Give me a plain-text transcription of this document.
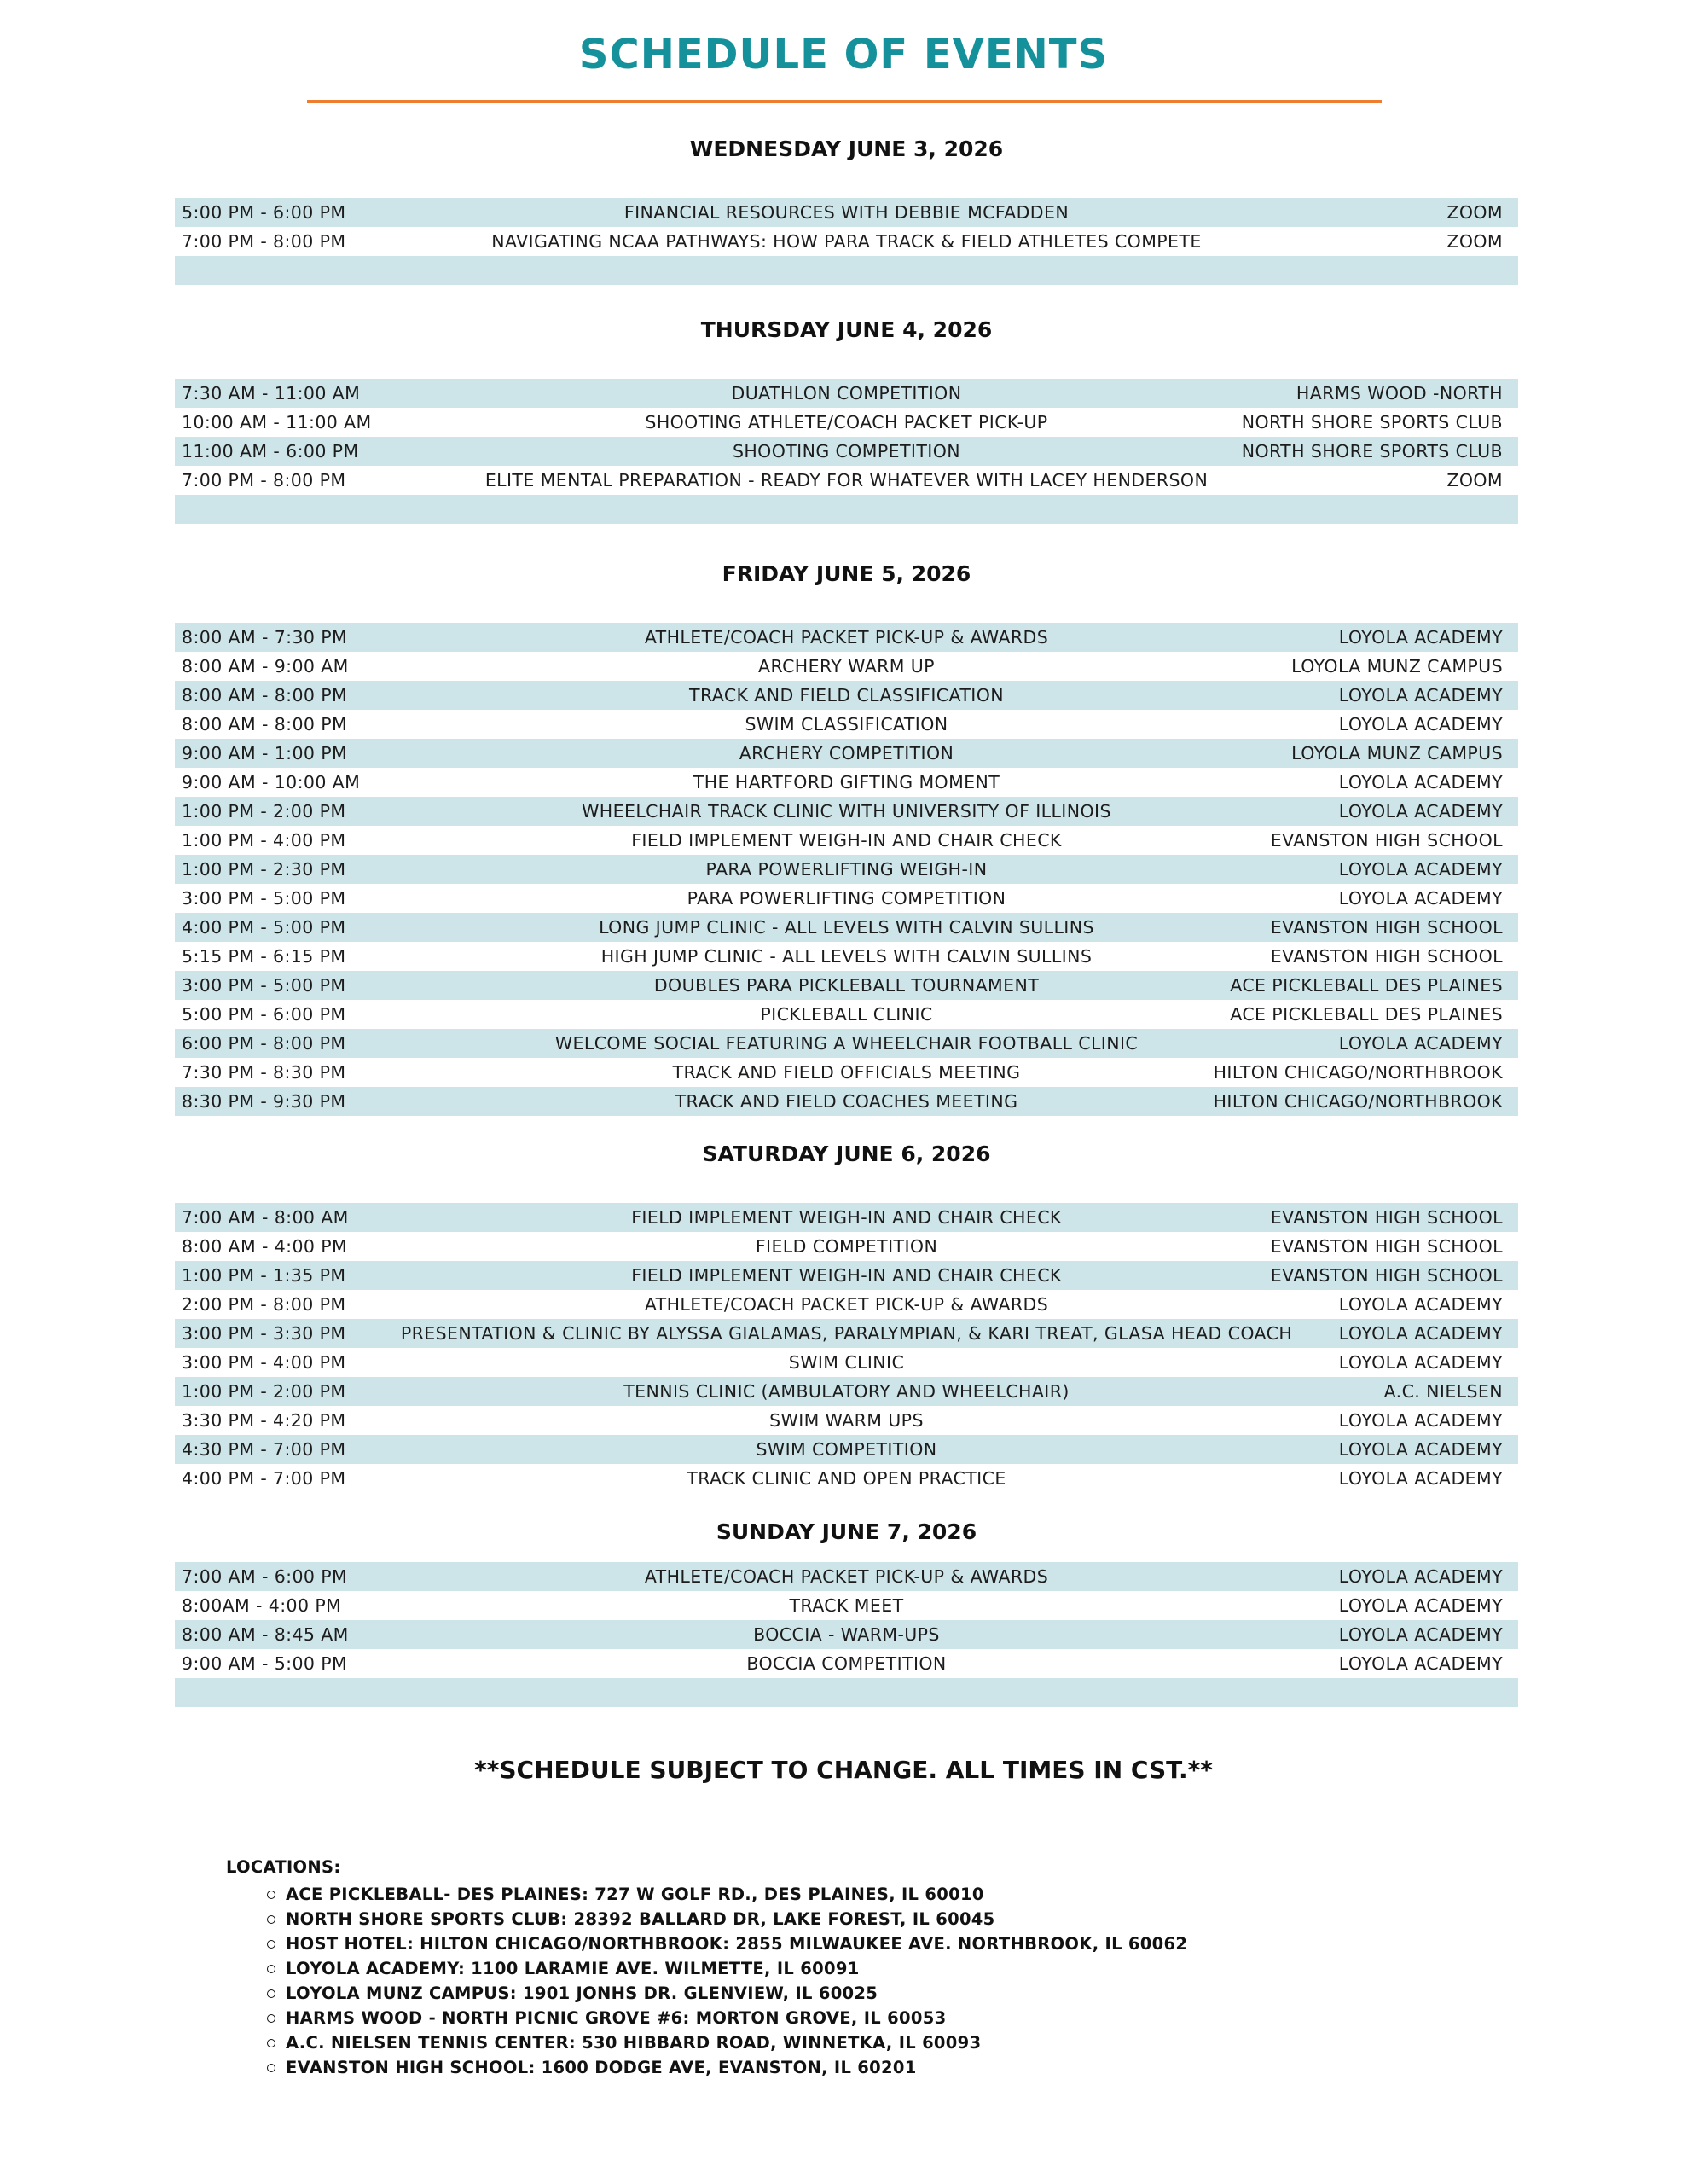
SCHEDULE OF EVENTS
WEDNESDAY JUNE 3, 2026
5:00 PM - 6:00 PM	FINANCIAL RESOURCES WITH DEBBIE MCFADDEN	ZOOM
7:00 PM - 8:00 PM	NAVIGATING NCAA PATHWAYS: HOW PARA TRACK & FIELD ATHLETES COMPETE	ZOOM
THURSDAY JUNE 4, 2026
7:30 AM - 11:00 AM	DUATHLON COMPETITION	HARMS WOOD -NORTH
10:00 AM - 11:00 AM	SHOOTING ATHLETE/COACH PACKET PICK-UP	NORTH SHORE SPORTS CLUB
11:00 AM - 6:00 PM	SHOOTING COMPETITION	NORTH SHORE SPORTS CLUB
7:00 PM - 8:00 PM	ELITE MENTAL PREPARATION - READY FOR WHATEVER WITH LACEY HENDERSON	ZOOM
FRIDAY JUNE 5, 2026
8:00 AM - 7:30 PM	ATHLETE/COACH PACKET PICK-UP & AWARDS	LOYOLA ACADEMY
8:00 AM - 9:00 AM	ARCHERY WARM UP	LOYOLA MUNZ CAMPUS
8:00 AM - 8:00 PM	TRACK AND FIELD CLASSIFICATION	LOYOLA ACADEMY
8:00 AM - 8:00 PM	SWIM CLASSIFICATION	LOYOLA ACADEMY
9:00 AM - 1:00 PM	ARCHERY COMPETITION	LOYOLA MUNZ CAMPUS
9:00 AM - 10:00 AM	THE HARTFORD GIFTING MOMENT	LOYOLA ACADEMY
1:00 PM - 2:00 PM	WHEELCHAIR TRACK CLINIC WITH UNIVERSITY OF ILLINOIS	LOYOLA ACADEMY
1:00 PM - 4:00 PM	FIELD IMPLEMENT WEIGH-IN AND CHAIR CHECK	EVANSTON HIGH SCHOOL
1:00 PM - 2:30 PM	PARA POWERLIFTING WEIGH-IN	LOYOLA ACADEMY
3:00 PM - 5:00 PM	PARA POWERLIFTING COMPETITION	LOYOLA ACADEMY
4:00 PM - 5:00 PM	LONG JUMP CLINIC - ALL LEVELS WITH CALVIN SULLINS	EVANSTON HIGH SCHOOL
5:15 PM - 6:15 PM	HIGH JUMP CLINIC - ALL LEVELS WITH CALVIN SULLINS	EVANSTON HIGH SCHOOL
3:00 PM - 5:00 PM	DOUBLES PARA PICKLEBALL TOURNAMENT	ACE PICKLEBALL DES PLAINES
5:00 PM - 6:00 PM	PICKLEBALL CLINIC	ACE PICKLEBALL DES PLAINES
6:00 PM - 8:00 PM	WELCOME SOCIAL FEATURING A WHEELCHAIR FOOTBALL CLINIC	LOYOLA ACADEMY
7:30 PM - 8:30 PM	TRACK AND FIELD OFFICIALS MEETING	HILTON CHICAGO/NORTHBROOK
8:30 PM - 9:30 PM	TRACK AND FIELD COACHES MEETING	HILTON CHICAGO/NORTHBROOK
SATURDAY JUNE 6, 2026
7:00 AM - 8:00 AM	FIELD IMPLEMENT WEIGH-IN AND CHAIR CHECK	EVANSTON HIGH SCHOOL
8:00 AM - 4:00 PM	FIELD COMPETITION	EVANSTON HIGH SCHOOL
1:00 PM - 1:35 PM	FIELD IMPLEMENT WEIGH-IN AND CHAIR CHECK	EVANSTON HIGH SCHOOL
2:00 PM - 8:00 PM	ATHLETE/COACH PACKET PICK-UP & AWARDS	LOYOLA ACADEMY
3:00 PM - 3:30 PM	PRESENTATION & CLINIC BY ALYSSA GIALAMAS, PARALYMPIAN, & KARI TREAT, GLASA HEAD COACH	LOYOLA ACADEMY
3:00 PM - 4:00 PM	SWIM CLINIC	LOYOLA ACADEMY
1:00 PM - 2:00 PM	TENNIS CLINIC (AMBULATORY AND WHEELCHAIR)	A.C. NIELSEN
3:30 PM - 4:20 PM	SWIM WARM UPS	LOYOLA ACADEMY
4:30 PM - 7:00 PM	SWIM COMPETITION	LOYOLA ACADEMY
4:00 PM - 7:00 PM	TRACK CLINIC AND OPEN PRACTICE	LOYOLA ACADEMY
SUNDAY JUNE 7, 2026
7:00 AM - 6:00 PM	ATHLETE/COACH PACKET PICK-UP & AWARDS	LOYOLA ACADEMY
8:00AM - 4:00 PM	TRACK MEET	LOYOLA ACADEMY
8:00 AM - 8:45 AM	BOCCIA - WARM-UPS	LOYOLA ACADEMY
9:00 AM - 5:00 PM	BOCCIA COMPETITION	LOYOLA ACADEMY

**SCHEDULE SUBJECT TO CHANGE. ALL TIMES IN CST.**

LOCATIONS:

ACE PICKLEBALL- DES PLAINES: 727 W GOLF RD., DES PLAINES, IL 60010
NORTH SHORE SPORTS CLUB: 28392 BALLARD DR, LAKE FOREST, IL 60045
HOST HOTEL: HILTON CHICAGO/NORTHBROOK: 2855 MILWAUKEE AVE. NORTHBROOK, IL 60062
LOYOLA ACADEMY: 1100 LARAMIE AVE. WILMETTE, IL 60091
LOYOLA MUNZ CAMPUS: 1901 JONHS DR. GLENVIEW, IL 60025
HARMS WOOD - NORTH PICNIC GROVE #6: MORTON GROVE, IL 60053
A.C. NIELSEN TENNIS CENTER: 530 HIBBARD ROAD, WINNETKA, IL 60093
EVANSTON HIGH SCHOOL: 1600 DODGE AVE, EVANSTON, IL 60201
